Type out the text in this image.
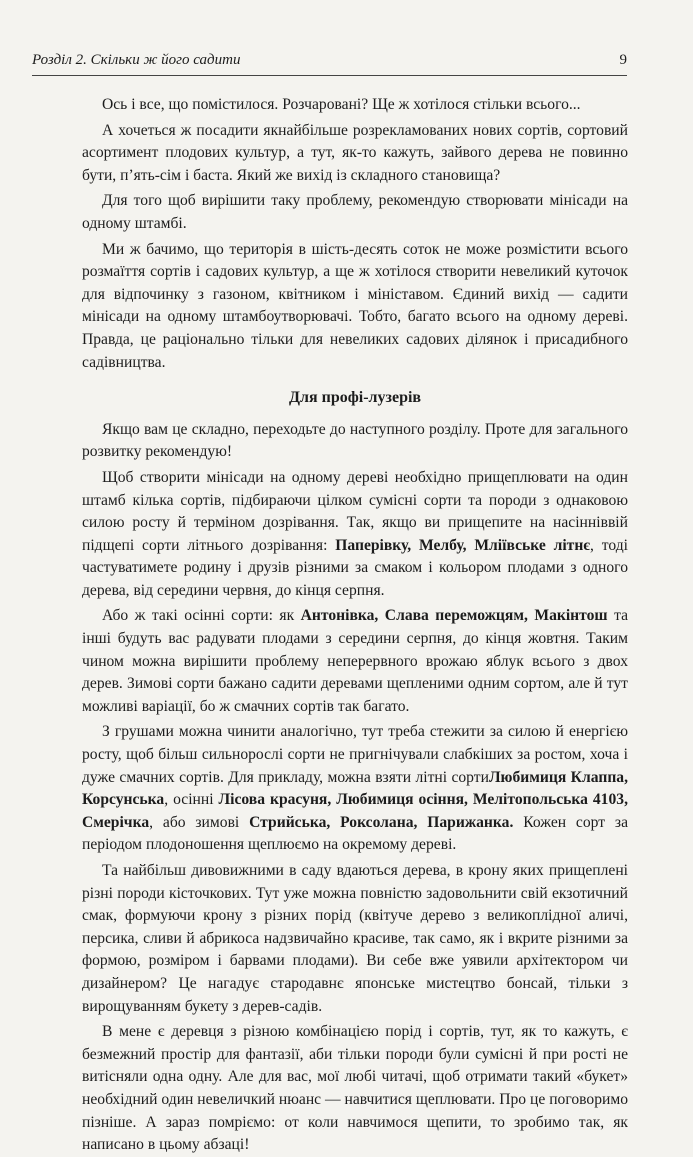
Розділ 2. Скільки ж його садити	9

Ось і все, що помістилося. Розчаровані? Ще ж хотілося стільки всього...

А хочеться ж посадити якнайбільше розрекламованих нових сортів, сортовий асортимент плодових культур, а тут, як-то кажуть, зайвого дерева не повинно бути, п’ять-сім і баста. Який же вихід із складного становища?

Для того щоб вирішити таку проблему, рекомендую створювати мінісади на одному штамбі.

Ми ж бачимо, що територія в шість-десять соток не може розмістити всього розмаїття сортів і садових культур, а ще ж хотілося створити невеликий куточок для відпочинку з газоном, квітником і мініставом. Єдиний вихід — садити мінісади на одному штамбоутворювачі. Тобто, багато всього на одному дереві. Правда, це раціонально тільки для невеликих садових ділянок і присадибного садівництва.

Для профі-лузерів

Якщо вам це складно, переходьте до наступного розділу. Проте для загального розвитку рекомендую!

Щоб створити мінісади на одному дереві необхідно прищеплювати на один штамб кілька сортів, підбираючи цілком сумісні сорти та породи з однаковою силою росту й терміном дозрівання. Так, якщо ви прищепите на насінніввій підщепі сорти літнього дозрівання: Паперівку, Мелбу, Мліївське літнє, тоді частуватимете родину і друзів різними за смаком і кольором плодами з одного дерева, від середини червня, до кінця серпня.

Або ж такі осінні сорти: як Антонівка, Слава переможцям, Макінтош та інші будуть вас радувати плодами з середини серпня, до кінця жовтня. Таким чином можна вирішити проблему неперервного врожаю яблук всього з двох дерев. Зимові сорти бажано садити деревами щепленими одним сортом, але й тут можливі варіації, бо ж смачних сортів так багато.

З грушами можна чинити аналогічно, тут треба стежити за силою й енергією росту, щоб більш сильнорослі сорти не пригнічували слабкіших за ростом, хоча і дуже смачних сортів. Для прикладу, можна взяти літні сортиЛюбимиця Клаппа, Корсунська, осінні Лісова красуня, Любимиця осіння, Мелітопольська 4103, Смерічка, або зимові Стрийська, Роксолана, Парижанка. Кожен сорт за періодом плодоношення щеплюємо на окремому дереві.

Та найбільш дивовижними в саду вдаються дерева, в крону яких прищеплені різні породи кісточкових. Тут уже можна повністю задовольнити свій екзотичний смак, формуючи крону з різних порід (квітуче дерево з великоплідної аличі, персика, сливи й абрикоса надзвичайно красиве, так само, як і вкрите різними за формою, розміром і барвами плодами). Ви себе вже уявили архітектором чи дизайнером? Це нагадує стародавнє японське мистецтво бонсай, тільки з вирощуванням букету з дерев-садів.

В мене є деревця з різною комбінацією порід і сортів, тут, як то кажуть, є безмежний простір для фантазії, аби тільки породи були сумісні й при рості не витісняли одна одну. Але для вас, мої любі читачі, щоб отримати такий «букет» необхідний один невеличкий нюанс — навчитися щеплювати. Про це поговоримо пізніше. А зараз помріємо: от коли навчимося щепити, то зробимо так, як написано в цьому абзаці!
